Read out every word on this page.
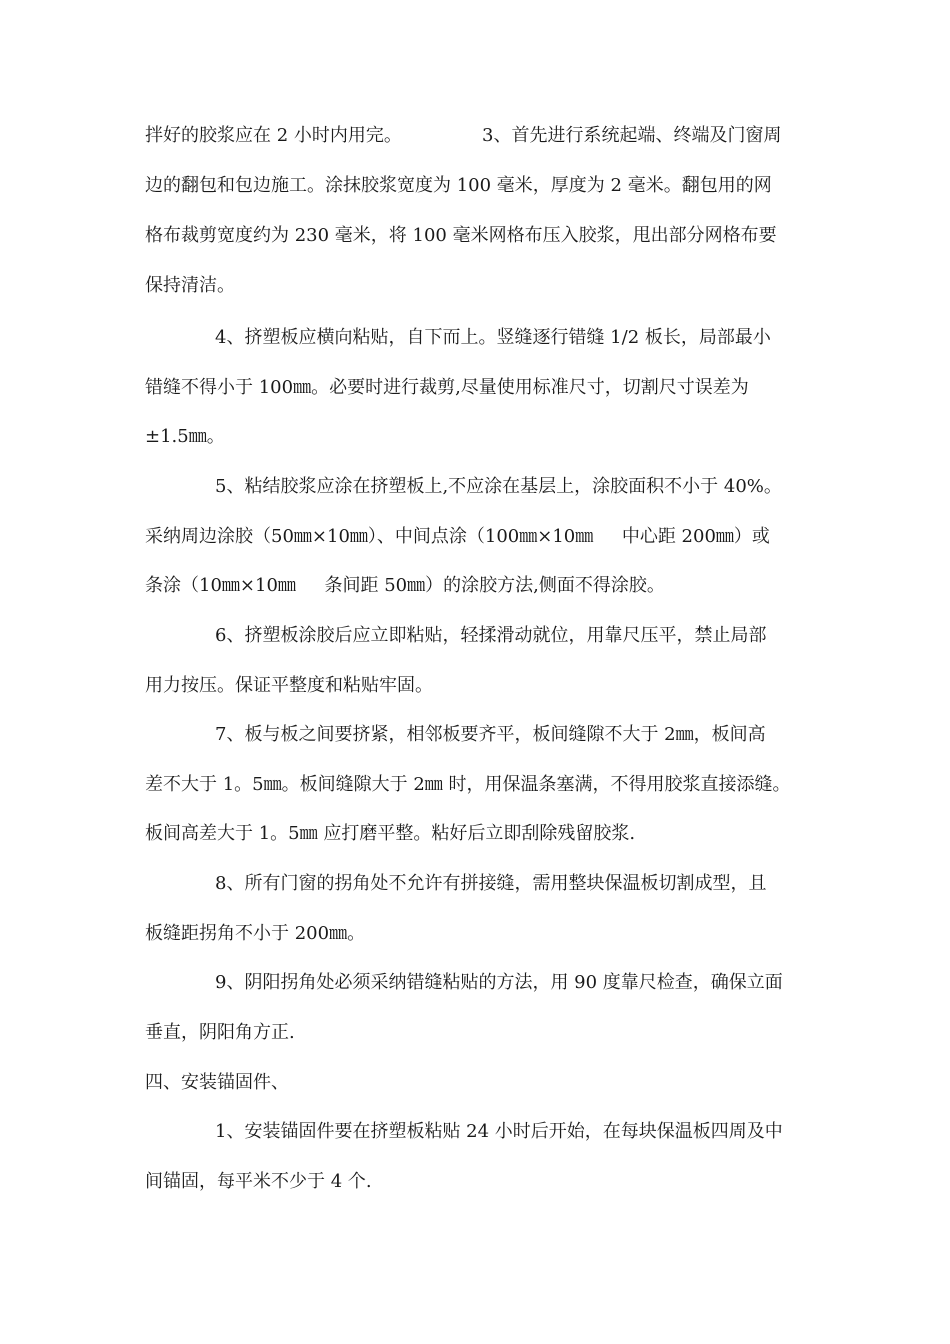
拌好的胶浆应在 2 小时内用完。              3、首先进行系统起端、终端及门窗周
边的翻包和包边施工。涂抹胶浆宽度为 100 毫米，厚度为 2 毫米。翻包用的网
格布裁剪宽度约为 230 毫米，将 100 毫米网格布压入胶浆，甩出部分网格布要
保持清洁。
4、挤塑板应横向粘贴，自下而上。竖缝逐行错缝 1/2 板长，局部最小
错缝不得小于 100㎜。必要时进行裁剪,尽量使用标准尺寸，切割尺寸误差为
±1.5㎜。
5、粘结胶浆应涂在挤塑板上,不应涂在基层上，涂胶面积不小于 40%。
采纳周边涂胶（50㎜×10㎜）、中间点涂（100㎜×10㎜     中心距 200㎜）或
条涂（10㎜×10㎜     条间距 50㎜）的涂胶方法,侧面不得涂胶。
6、挤塑板涂胶后应立即粘贴，轻揉滑动就位，用靠尺压平，禁止局部
用力按压。保证平整度和粘贴牢固。
7、板与板之间要挤紧，相邻板要齐平，板间缝隙不大于 2㎜，板间高
差不大于 1。5㎜。板间缝隙大于 2㎜ 时，用保温条塞满，不得用胶浆直接添缝。
板间高差大于 1。5㎜ 应打磨平整。粘好后立即刮除残留胶浆.
8、所有门窗的拐角处不允许有拼接缝，需用整块保温板切割成型，且
板缝距拐角不小于 200㎜。
9、阴阳拐角处必须采纳错缝粘贴的方法，用 90 度靠尺检查，确保立面
垂直，阴阳角方正.
四、安装锚固件、
1、安装锚固件要在挤塑板粘贴 24 小时后开始，在每块保温板四周及中
间锚固，每平米不少于 4 个.
